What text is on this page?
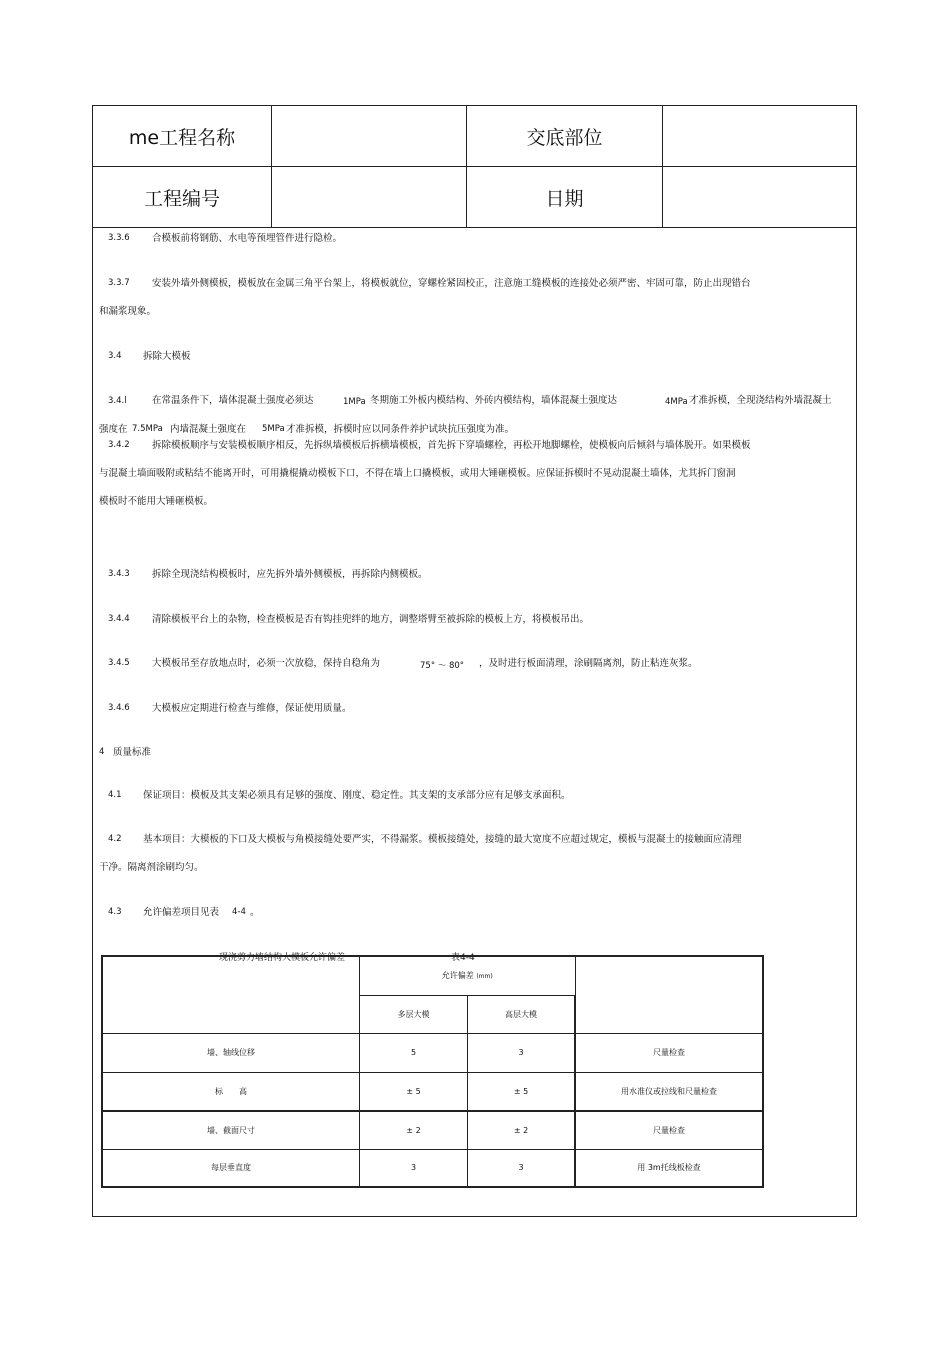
me工程名称		交底部位	
工程编号		日期	
3.3.6 合模板前将钢筋、水电等预埋管件进行隐检。
3.3.7 安装外墙外侧模板，模板放在金属三角平台架上，将模板就位，穿螺栓紧固校正，注意施工缝模板的连接处必须严密、牢固可靠，防止出现错台
和漏浆现象。
3.4 拆除大模板
3.4.l	在常温条件下，墙体混凝土强度必须达	1MPa 冬期施工外板内模结构、外砖内模结构，墙体混凝土强度达	4MPa 才准拆模，全现浇结构外墙混凝土
强度在 7.5MPa 内墙混凝土强度在 5MPa 才准拆模，拆模时应以同条件养护试块抗压强度为准。
3.4.2 拆除模板顺序与安装模板顺序相反，先拆纵墙模板后拆横墙模板，首先拆下穿墙螺栓，再松开地脚螺栓，使模板向后倾斜与墙体脱开。如果模板
与混凝土墙面吸附或粘结不能离开时，可用撬棍撬动模板下口，不得在墙上口撬模板，或用大锤砸模板。应保证拆模时不晃动混凝土墙体，尤其拆门窗洞
模板时不能用大锤砸模板。
3.4.3 拆除全现浇结构模板时，应先拆外墙外侧模板，再拆除内侧模板。
3.4.4 清除模板平台上的杂物，检查模板是否有钩挂兜绊的地方，调整塔臂至被拆除的模板上方，将模板吊出。
3.4.5 大模板吊至存放地点时，必须一次放稳，保持自稳角为	75° ～ 80° ，及时进行板面清理，涂刷隔离剂，防止粘连灰浆。
3.4.6 大模板应定期进行检查与维修，保证使用质量。
4 质量标准
4.1 保证项目：模板及其支架必须具有足够的强度、刚度、稳定性。其支架的支承部分应有足够支承面积。
4.2 基本项目：大模板的下口及大模板与角模接缝处要严实，不得漏浆。模板接缝处，接缝的最大宽度不应超过规定，模板与混凝土的接触面应清理
干净。隔离剂涂刷均匀。
4.3 允许偏差项目见表 4-4 。
现浇剪力墙结构大模板允许偏差	表4-4
	允许偏差 (mm)		
	多层大模	高层大模	
墙、轴线位移	5	3	尺量检查
标　　高	± 5	± 5	用水准仪或拉线和尺量检查
墙、截面尺寸	± 2	± 2	尺量检查
每层垂直度	3	3	用 3m托线板检查
